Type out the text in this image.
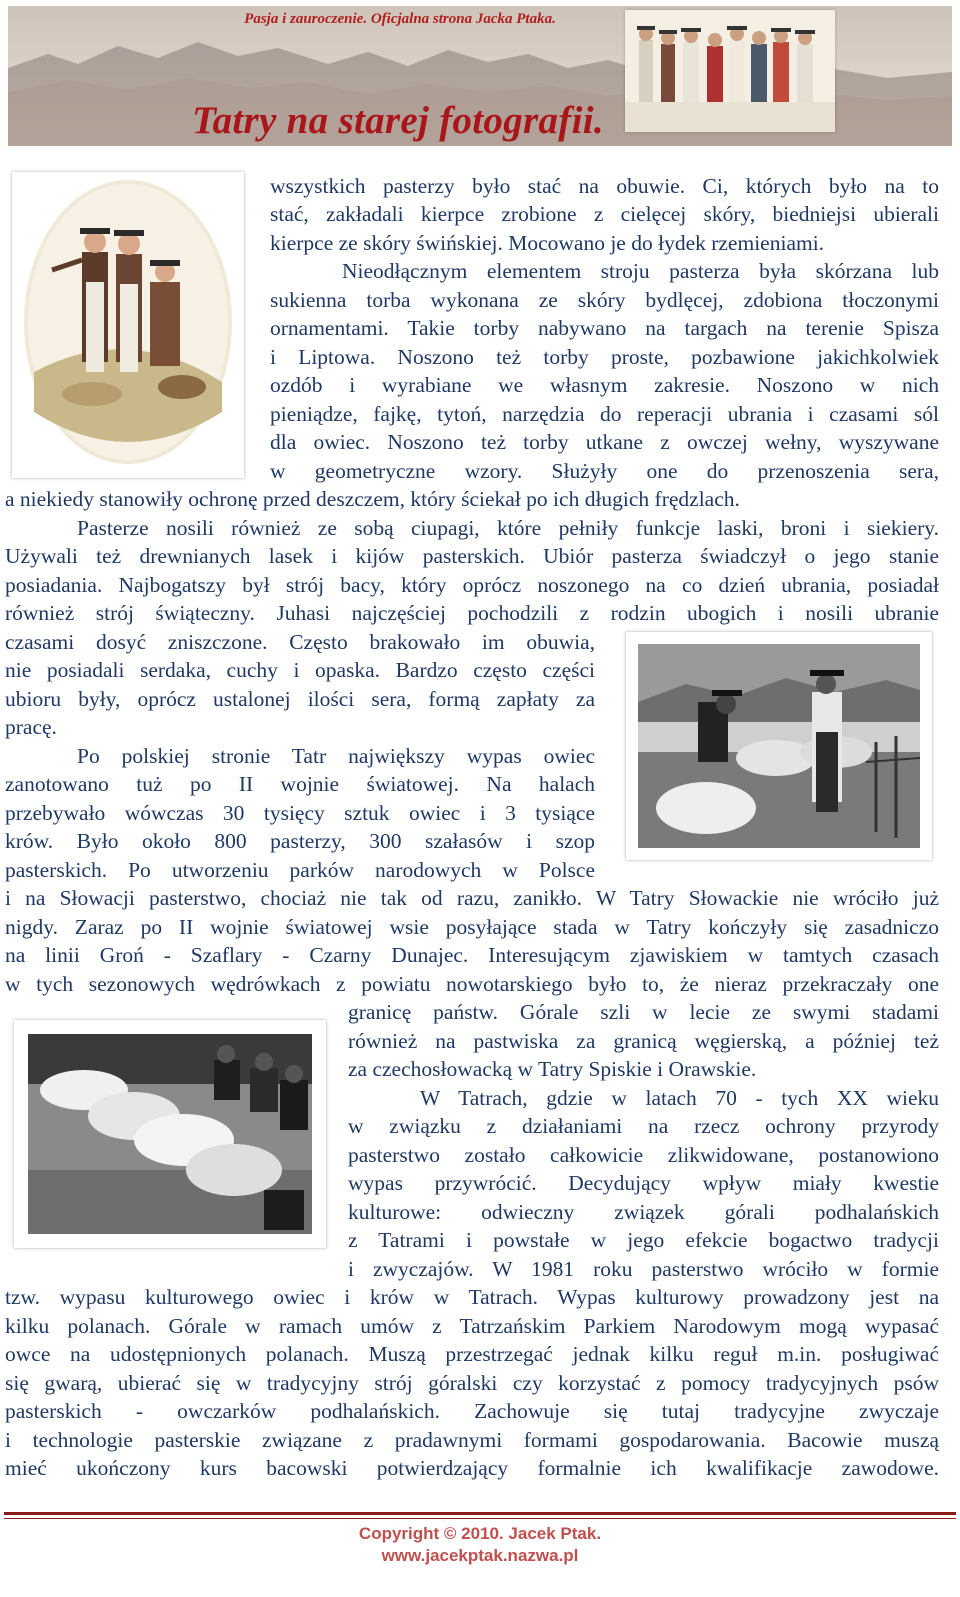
Pasja i zauroczenie. Oficjalna strona Jacka Ptaka.
Tatry na starej fotografii.
wszystkich pasterzy było stać na obuwie. Ci, których było na to
stać, zakładali kierpce zrobione z cielęcej skóry, biedniejsi ubierali
kierpce ze skóry świńskiej. Mocowano je do łydek rzemieniami.
Nieodłącznym elementem stroju pasterza była skórzana lub
sukienna torba wykonana ze skóry bydlęcej, zdobiona tłoczonymi
ornamentami. Takie torby nabywano na targach na terenie Spisza
i Liptowa. Noszono też torby proste, pozbawione jakichkolwiek
ozdób i wyrabiane we własnym zakresie. Noszono w nich
pieniądze, fajkę, tytoń, narzędzia do reperacji ubrania i czasami sól
dla owiec. Noszono też torby utkane z owczej wełny, wyszywane
w geometryczne wzory. Służyły one do przenoszenia sera,
a niekiedy stanowiły ochronę przed deszczem, który ściekał po ich długich frędzlach.
Pasterze nosili również ze sobą ciupagi, które pełniły funkcje laski, broni i siekiery.
Używali też drewnianych lasek i kijów pasterskich. Ubiór pasterza świadczył o jego stanie
posiadania. Najbogatszy był strój bacy, który oprócz noszonego na co dzień ubrania, posiadał
również strój świąteczny. Juhasi najczęściej pochodzili z rodzin ubogich i nosili ubranie
czasami dosyć zniszczone. Często brakowało im obuwia,
nie posiadali serdaka, cuchy i opaska. Bardzo często części
ubioru były, oprócz ustalonej ilości sera, formą zapłaty za
pracę.
Po polskiej stronie Tatr największy wypas owiec
zanotowano tuż po II wojnie światowej. Na halach
przebywało wówczas 30 tysięcy sztuk owiec i 3 tysiące
krów. Było około 800 pasterzy, 300 szałasów i szop
pasterskich. Po utworzeniu parków narodowych w Polsce
i na Słowacji pasterstwo, chociaż nie tak od razu, zanikło. W Tatry Słowackie nie wróciło już
nigdy. Zaraz po II wojnie światowej wsie posyłające stada w Tatry kończyły się zasadniczo
na linii Groń - Szaflary - Czarny Dunajec. Interesującym zjawiskiem w tamtych czasach
w tych sezonowych wędrówkach z powiatu nowotarskiego było to, że nieraz przekraczały one
granicę państw. Górale szli w lecie ze swymi stadami
również na pastwiska za granicą węgierską, a później też
za czechosłowacką w Tatry Spiskie i Orawskie.
W Tatrach, gdzie w latach 70 - tych XX wieku
w związku z działaniami na rzecz ochrony przyrody
pasterstwo zostało całkowicie zlikwidowane, postanowiono
wypas przywrócić. Decydujący wpływ miały kwestie
kulturowe: odwieczny związek górali podhalańskich
z Tatrami i powstałe w jego efekcie bogactwo tradycji
i zwyczajów. W 1981 roku pasterstwo wróciło w formie
tzw. wypasu kulturowego owiec i krów w Tatrach. Wypas kulturowy prowadzony jest na
kilku polanach. Górale w ramach umów z Tatrzańskim Parkiem Narodowym mogą wypasać
owce na udostępnionych polanach. Muszą przestrzegać jednak kilku reguł m.in. posługiwać
się gwarą, ubierać się w tradycyjny strój góralski czy korzystać z pomocy tradycyjnych psów
pasterskich - owczarków podhalańskich. Zachowuje się tutaj tradycyjne zwyczaje
i technologie pasterskie związane z pradawnymi formami gospodarowania. Bacowie muszą
mieć ukończony kurs bacowski potwierdzający formalnie ich kwalifikacje zawodowe.
Copyright © 2010. Jacek Ptak.
www.jacekptak.nazwa.pl
